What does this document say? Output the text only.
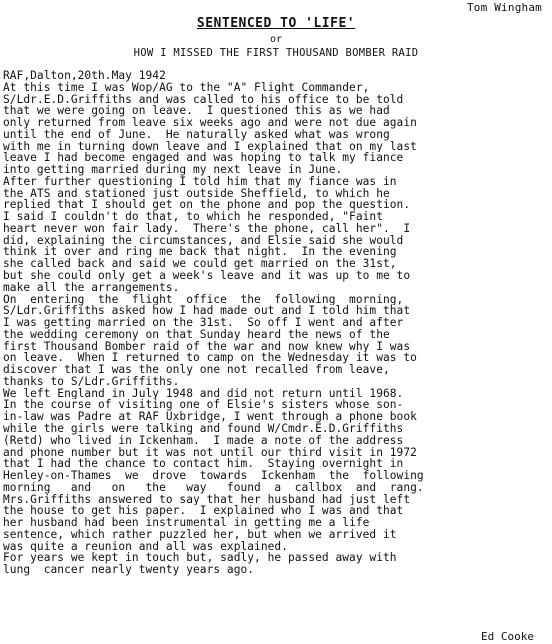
Tom Wingham
SENTENCED TO 'LIFE'
or
HOW I MISSED THE FIRST THOUSAND BOMBER RAID
RAF,Dalton,20th.May 1942
At this time I was Wop/AG to the "A" Flight Commander,
S/Ldr.E.D.Griffiths and was called to his office to be told
that we were going on leave.  I questioned this as we had
only returned from leave six weeks ago and were not due again
until the end of June.  He naturally asked what was wrong
with me in turning down leave and I explained that on my last
leave I had become engaged and was hoping to talk my fiance
into getting married during my next leave in June.
After further questioning I told him that my fiance was in
the ATS and stationed just outside Sheffield, to which he
replied that I should get on the phone and pop the question.
I said I couldn't do that, to which he responded, "Faint
heart never won fair lady.  There's the phone, call her".  I
did, explaining the circumstances, and Elsie said she would
think it over and ring me back that night.  In the evening
she called back and said we could get married on the 31st,
but she could only get a week's leave and it was up to me to
make all the arrangements.
On  entering  the  flight  office  the  following  morning,
S/Ldr.Griffiths asked how I had made out and I told him that
I was getting married on the 31st.  So off I went and after
the wedding ceremony on that Sunday heard the news of the
first Thousand Bomber raid of the war and now knew why I was
on leave.  When I returned to camp on the Wednesday it was to
discover that I was the only one not recalled from leave,
thanks to S/Ldr.Griffiths.
We left England in July 1948 and did not return until 1968.
In the course of visiting one of Elsie's sisters whose son-
in-law was Padre at RAF Uxbridge, I went through a phone book
while the girls were talking and found W/Cmdr.E.D.Griffiths
(Retd) who lived in Ickenham.  I made a note of the address
and phone number but it was not until our third visit in 1972
that I had the chance to contact him.  Staying overnight in
Henley-on-Thames  we  drove  towards  Ickenham  the  following
morning   and   on   the   way   found  a  callbox  and  rang.
Mrs.Griffiths answered to say that her husband had just left
the house to get his paper.  I explained who I was and that
her husband had been instrumental in getting me a life
sentence, which rather puzzled her, but when we arrived it
was quite a reunion and all was explained.
For years we kept in touch but, sadly, he passed away with
lung  cancer nearly twenty years ago.
Ed Cooke
